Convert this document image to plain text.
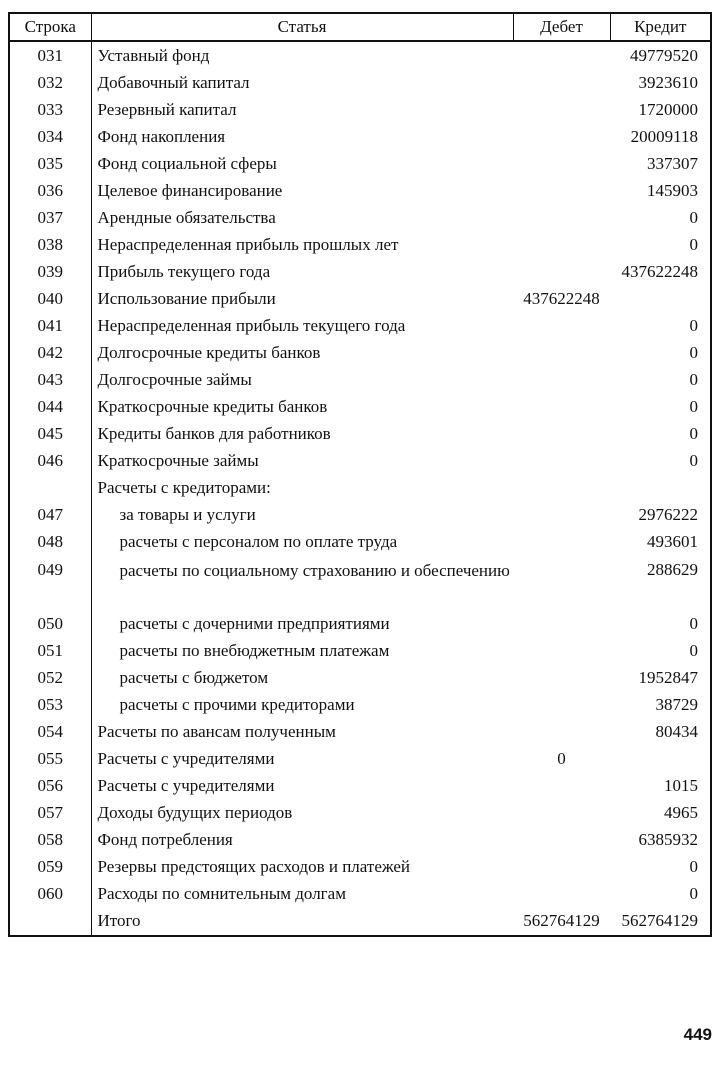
Строка	Статья	Дебет	Кредит
031	Уставный фонд		49779520
032	Добавочный капитал		3923610
033	Резервный капитал		1720000
034	Фонд накопления		20009118
035	Фонд социальной сферы		337307
036	Целевое финансирование		145903
037	Арендные обязательства		0
038	Нераспределенная прибыль прошлых лет		0
039	Прибыль текущего года		437622248
040	Использование прибыли	437622248	
041	Нераспределенная прибыль текущего года		0
042	Долгосрочные кредиты банков		0
043	Долгосрочные займы		0
044	Краткосрочные кредиты банков		0
045	Кредиты банков для работников		0
046	Краткосрочные займы		0
	Расчеты с кредиторами:		
047	за товары и услуги		2976222
048	расчеты с персоналом по оплате труда		493601
049	расчеты по социальному страхованию и обеспечению		288629
050	расчеты с дочерними предприятиями		0
051	расчеты по внебюджетным платежам		0
052	расчеты с бюджетом		1952847
053	расчеты с прочими кредиторами		38729
054	Расчеты по авансам полученным		80434
055	Расчеты с учредителями	0	
056	Расчеты с учредителями		1015
057	Доходы будущих периодов		4965
058	Фонд потребления		6385932
059	Резервы предстоящих расходов и платежей		0
060	Расходы по сомнительным долгам		0
	Итого	562764129	562764129
449
